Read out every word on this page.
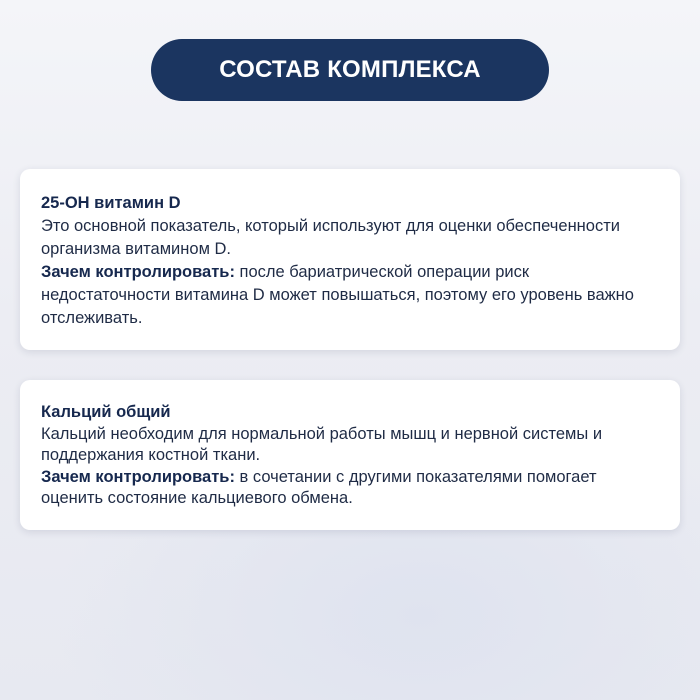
СОСТАВ КОМПЛЕКСА
25-ОН витамин D
Это основной показатель, который используют для оценки обеспеченности организма витамином D.
Зачем контролировать: после бариатрической операции риск недостаточности витамина D может повышаться, поэтому его уровень важно отслеживать.
Кальций общий
Кальций необходим для нормальной работы мышц и нервной системы и поддержания костной ткани.
Зачем контролировать: в сочетании с другими показателями помогает оценить состояние кальциевого обмена.
